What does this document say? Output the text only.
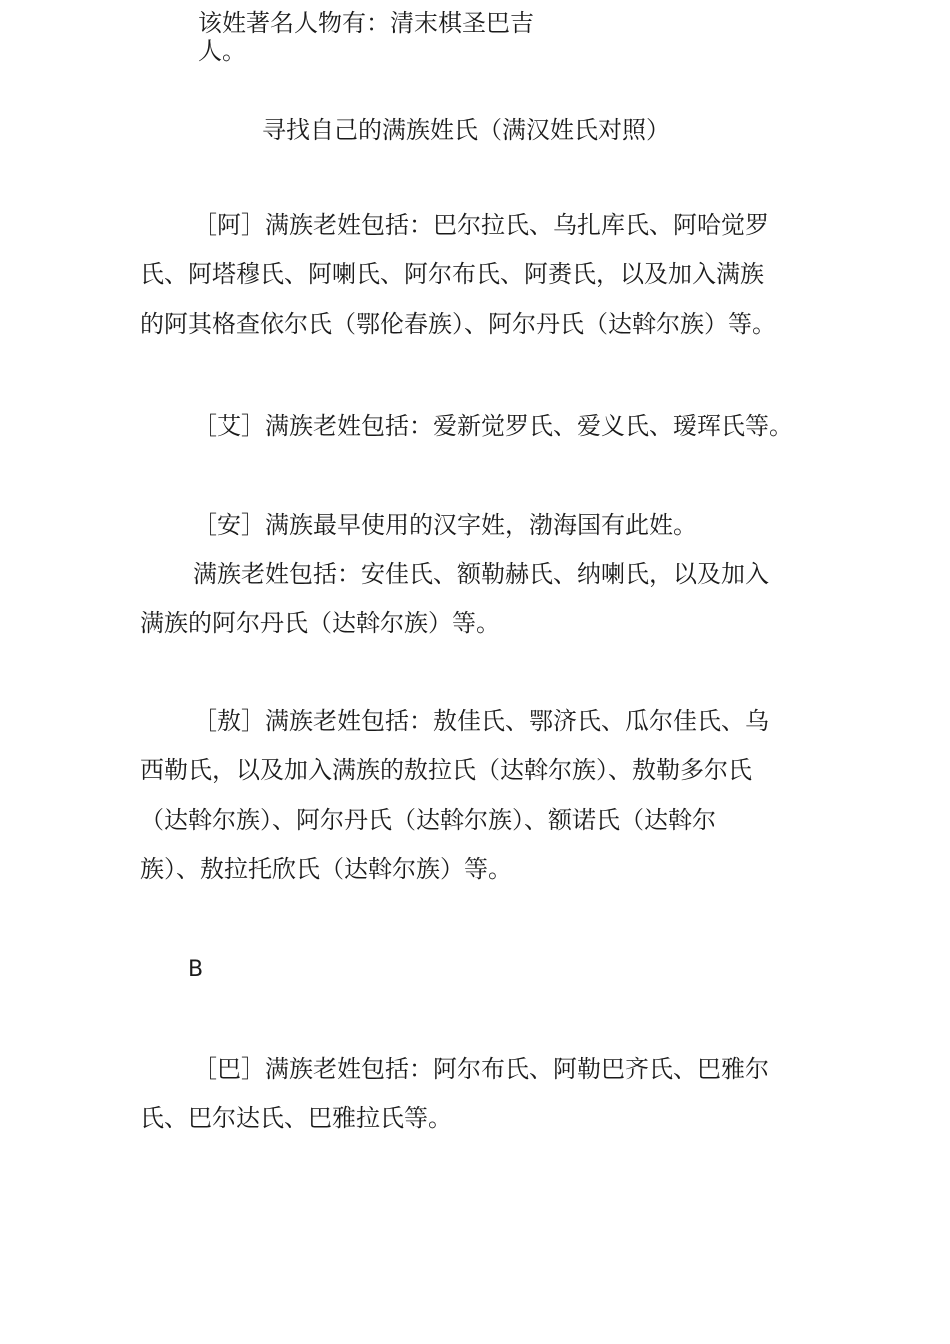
该姓著名人物有：清末棋圣巴吉

人。

寻找自己的满族姓氏（满汉姓氏对照）

［阿］满族老姓包括：巴尔拉氏、乌扎库氏、阿哈觉罗

氏、阿塔穆氏、阿喇氏、阿尔布氏、阿赉氏，以及加入满族

的阿其格查依尔氏（鄂伦春族）、阿尔丹氏（达斡尔族）等。

［艾］满族老姓包括：爱新觉罗氏、爱义氏、瑷珲氏等。

［安］满族最早使用的汉字姓，渤海国有此姓。

满族老姓包括：安佳氏、额勒赫氏、纳喇氏，以及加入

满族的阿尔丹氏（达斡尔族）等。

［敖］满族老姓包括：敖佳氏、鄂济氏、瓜尔佳氏、乌

西勒氏，以及加入满族的敖拉氏（达斡尔族）、敖勒多尔氏

（达斡尔族）、阿尔丹氏（达斡尔族）、额诺氏（达斡尔

族）、敖拉托欣氏（达斡尔族）等。

B

［巴］满族老姓包括：阿尔布氏、阿勒巴齐氏、巴雅尔

氏、巴尔达氏、巴雅拉氏等。
